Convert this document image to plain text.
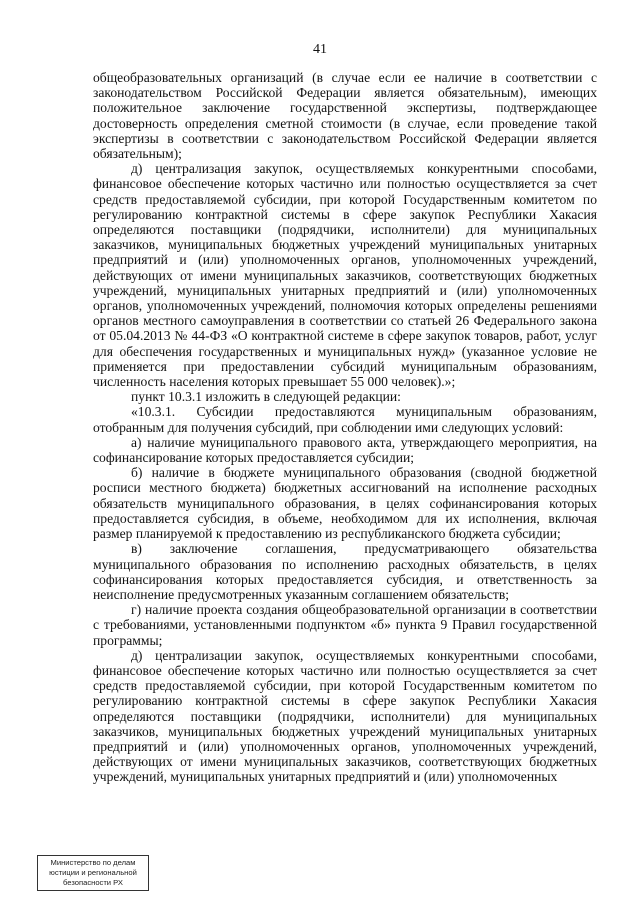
41

общеобразовательных организаций (в случае если ее наличие в соответствии с законодательством Российской Федерации является обязательным), имеющих положительное заключение государственной экспертизы, подтверждающее достоверность определения сметной стоимости (в случае, если проведение такой экспертизы в соответствии с законодательством Российской Федерации является обязательным);

д) централизация закупок, осуществляемых конкурентными способами, финансовое обеспечение которых частично или полностью осуществляется за счет средств предоставляемой субсидии, при которой Государственным комитетом по регулированию контрактной системы в сфере закупок Республики Хакасия определяются поставщики (подрядчики, исполнители) для муниципальных заказчиков, муниципальных бюджетных учреждений муниципальных унитарных предприятий и (или) уполномоченных органов, уполномоченных учреждений, действующих от имени муниципальных заказчиков, соответствующих бюджетных учреждений, муниципальных унитарных предприятий и (или) уполномоченных органов, уполномоченных учреждений, полномочия которых определены решениями органов местного самоуправления в соответствии со статьей 26 Федерального закона от 05.04.2013 № 44-ФЗ «О контрактной системе в сфере закупок товаров, работ, услуг для обеспечения государственных и муниципальных нужд» (указанное условие не применяется при предоставлении субсидий муниципальным образованиям, численность населения которых превышает 55 000 человек).»;

пункт 10.3.1 изложить в следующей редакции:

«10.3.1. Субсидии предоставляются муниципальным образованиям, отобранным для получения субсидий, при соблюдении ими следующих условий:

а) наличие муниципального правового акта, утверждающего мероприятия, на софинансирование которых предоставляется субсидии;

б) наличие в бюджете муниципального образования (сводной бюджетной росписи местного бюджета) бюджетных ассигнований на исполнение расходных обязательств муниципального образования, в целях софинансирования которых предоставляется субсидия, в объеме, необходимом для их исполнения, включая размер планируемой к предоставлению из республиканского бюджета субсидии;

в) заключение соглашения, предусматривающего обязательства муниципального образования по исполнению расходных обязательств, в целях софинансирования которых предоставляется субсидия, и ответственность за неисполнение предусмотренных указанным соглашением обязательств;

г) наличие проекта создания общеобразовательной организации в соответствии с требованиями, установленными подпунктом «б» пункта 9 Правил государственной программы;

д) централизации закупок, осуществляемых конкурентными способами, финансовое обеспечение которых частично или полностью осуществляется за счет средств предоставляемой субсидии, при которой Государственным комитетом по регулированию контрактной системы в сфере закупок Республики Хакасия определяются поставщики (подрядчики, исполнители) для муниципальных заказчиков, муниципальных бюджетных учреждений муниципальных унитарных предприятий и (или) уполномоченных органов, уполномоченных учреждений, действующих от имени муниципальных заказчиков, соответствующих бюджетных учреждений, муниципальных унитарных предприятий и (или) уполномоченных

Министерство по делам
юстиции и региональной
безопасности РХ
